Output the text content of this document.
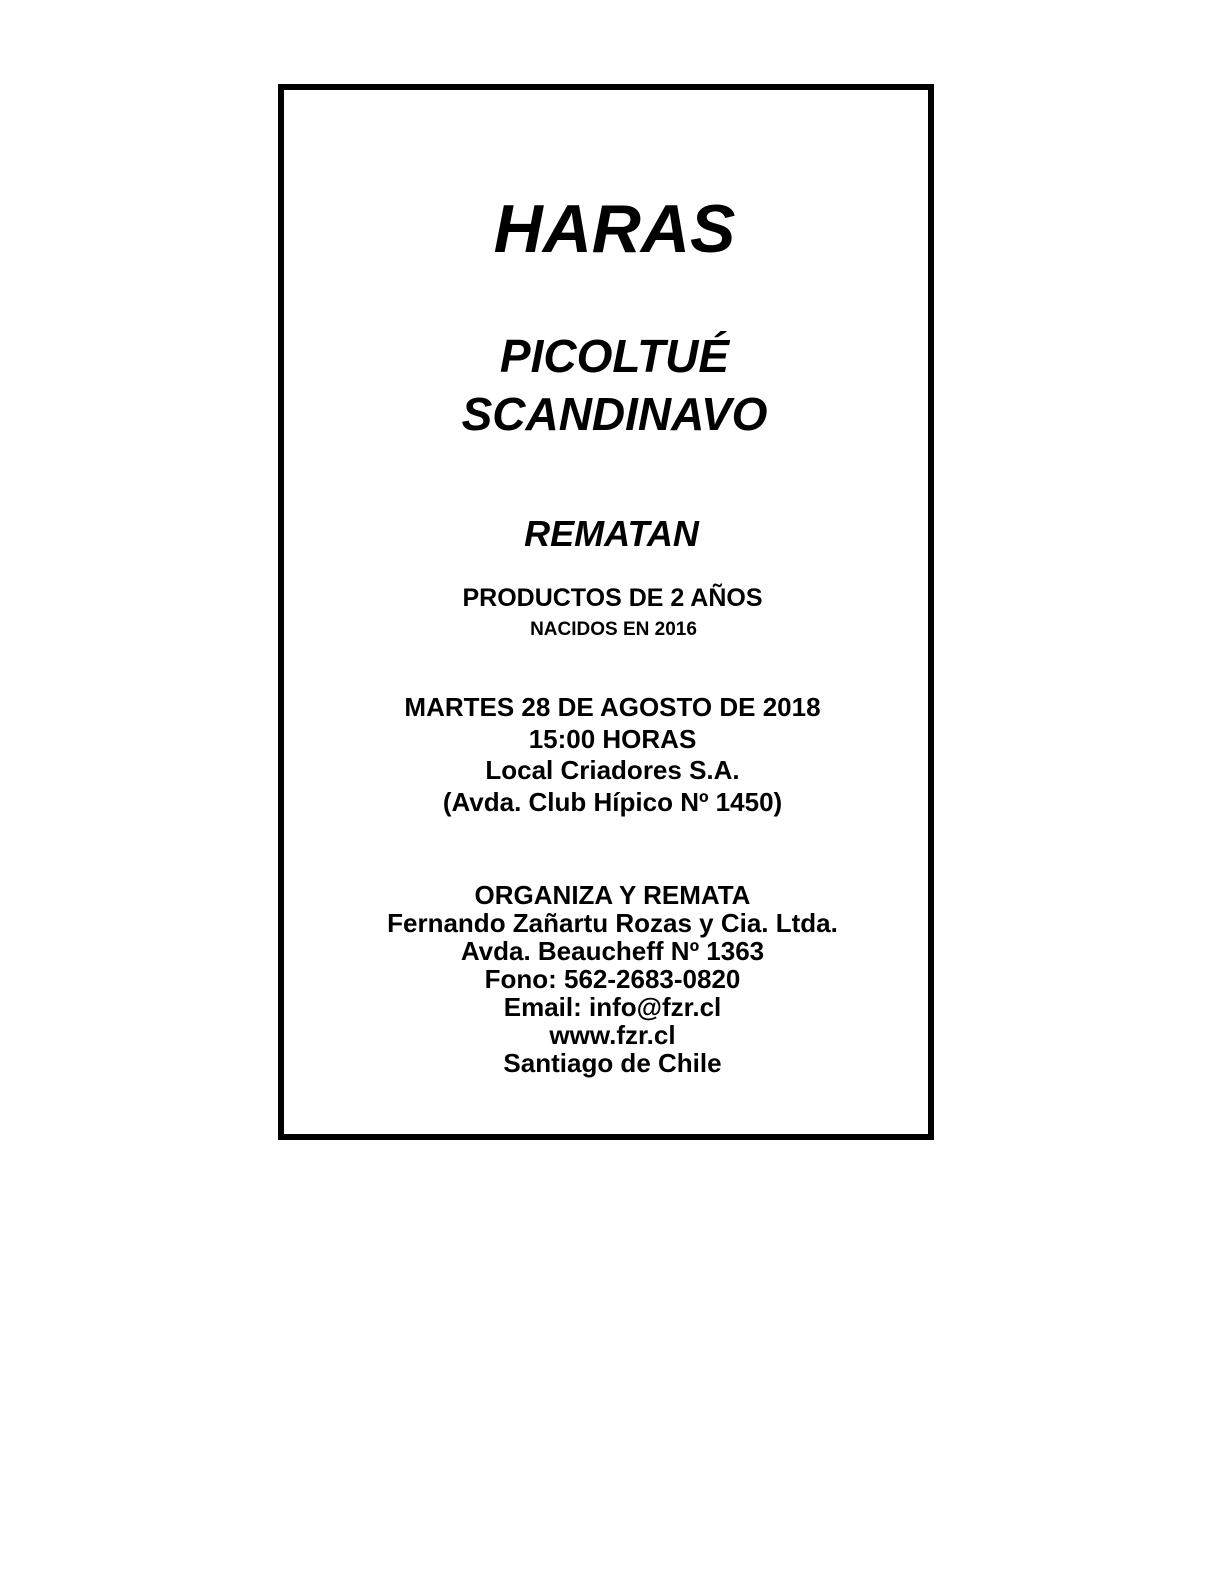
HARAS
PICOLTUÉ
SCANDINAVO
REMATAN
PRODUCTOS DE 2 AÑOS
NACIDOS EN 2016
MARTES 28 DE AGOSTO DE 2018
15:00 HORAS
Local Criadores S.A.
(Avda. Club Hípico Nº 1450)
ORGANIZA Y REMATA
Fernando Zañartu Rozas y Cia. Ltda.
Avda. Beaucheff Nº 1363
Fono: 562-2683-0820
Email: info@fzr.cl
www.fzr.cl
Santiago de Chile
